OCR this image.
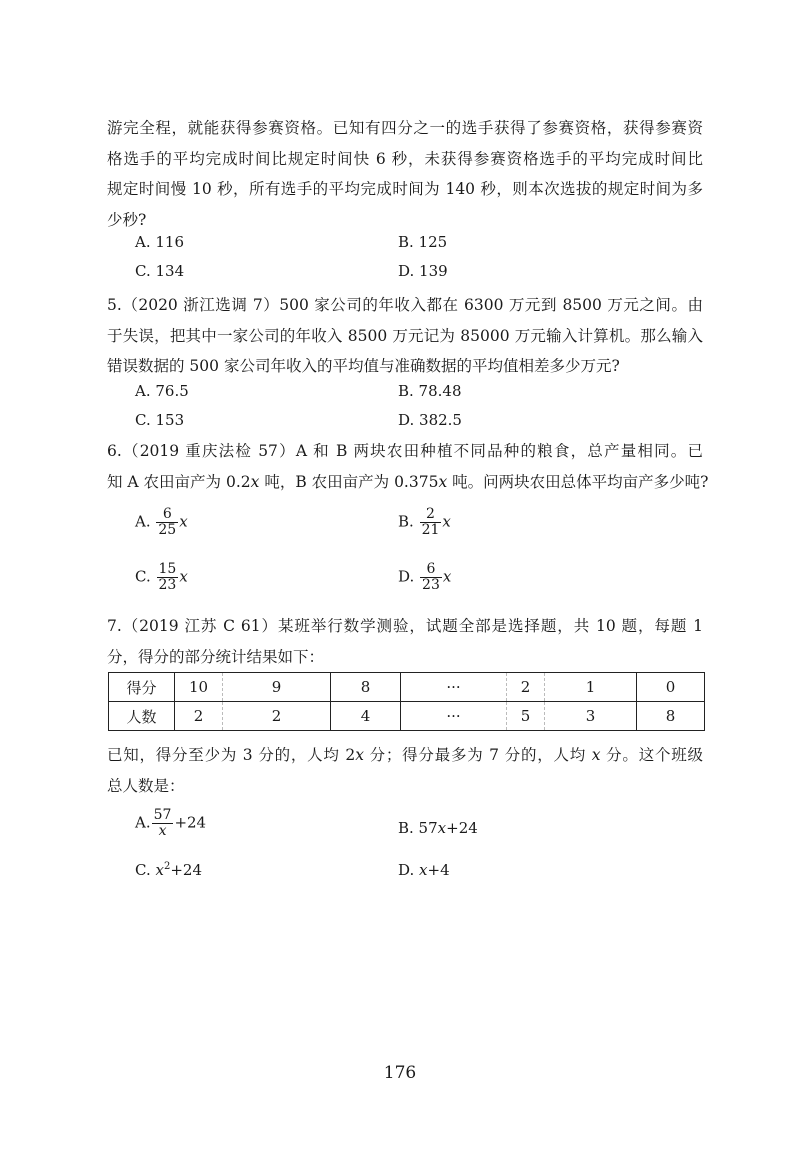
游完全程，就能获得参赛资格。已知有四分之一的选手获得了参赛资格，获得参赛资
格选手的平均完成时间比规定时间快 6 秒，未获得参赛资格选手的平均完成时间比
规定时间慢 10 秒，所有选手的平均完成时间为 140 秒，则本次选拔的规定时间为多
少秒?
A. 116	B. 125
C. 134	D. 139
5.（2020 浙江选调 7）500 家公司的年收入都在 6300 万元到 8500 万元之间。由
于失误，把其中一家公司的年收入 8500 万元记为 85000 万元输入计算机。那么输入
错误数据的 500 家公司年收入的平均值与准确数据的平均值相差多少万元?
A. 76.5	B. 78.48
C. 153	D. 382.5
6.（2019 重庆法检 57）A 和 B 两块农田种植不同品种的粮食，总产量相同。已
知 A 农田亩产为 0.2x 吨，B 农田亩产为 0.375x 吨。问两块农田总体平均亩产多少吨?
A. $\frac{6}{25}$ x	B. $\frac{2}{21}$ x
C. $\frac{15}{23}$ x	D. $\frac{6}{23}$ x
7.（2019 江苏 C 61）某班举行数学测验，试题全部是选择题，共 10 题，每题 1
分，得分的部分统计结果如下：
得分	10	9	8	···	2	1	0
人数	2	2	4	···	5	3	8
已知，得分至少为 3 分的，人均 2x 分；得分最多为 7 分的，人均 x 分。这个班级
总人数是：
A. $\frac{57}{x} +24$	B. 57x+24
C. $x^2+24$	D. x+4
176
